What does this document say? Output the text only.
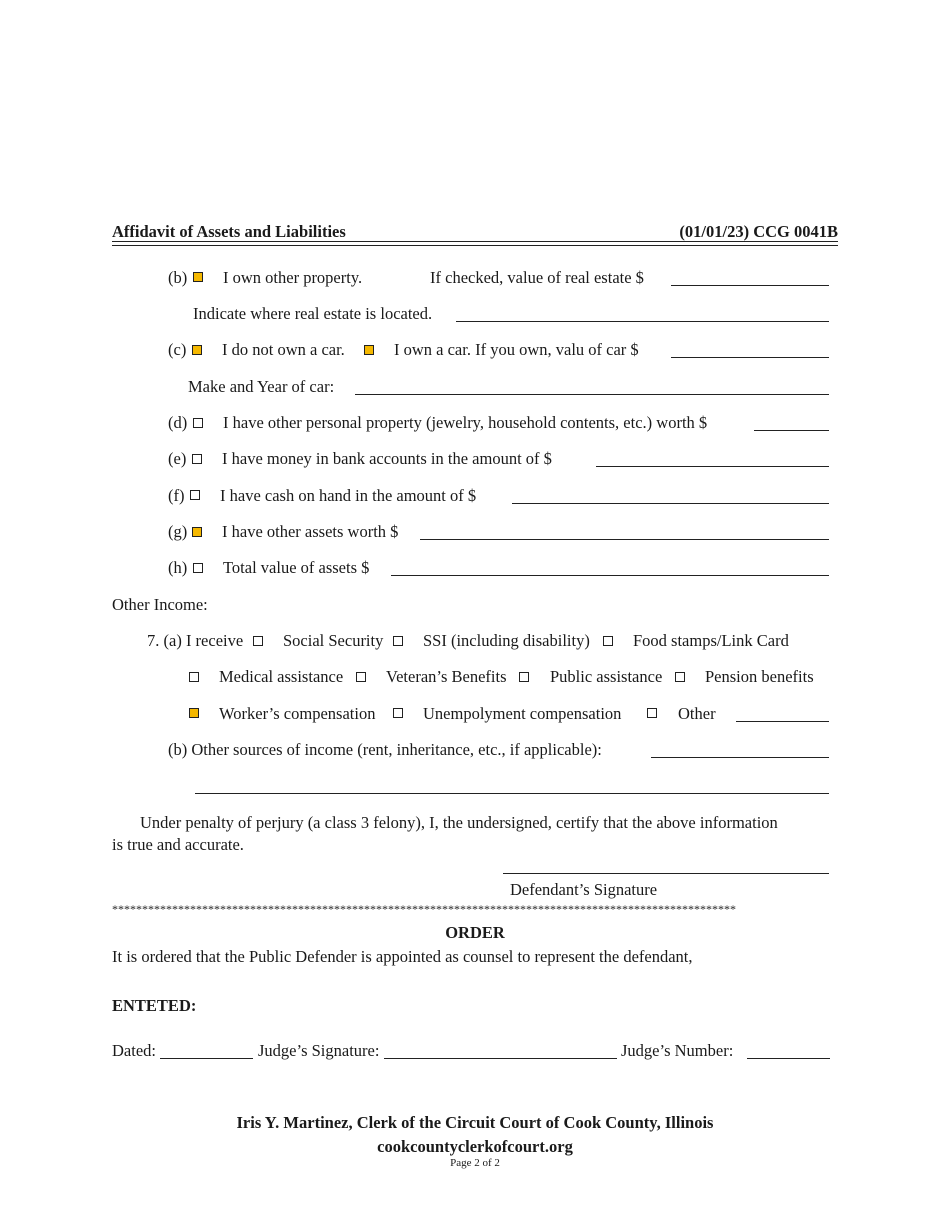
Affidavit of Assets and Liabilities	(01/01/23) CCG 0041B
(b) I own other property.	If checked, value of real estate $
Indicate where real estate is located.
(c) I do not own a car.	I own a car. If you own, valu of car $
Make and Year of car:
(d) I have other personal property (jewelry, household contents, etc.) worth $
(e) I have money in bank accounts in the amount of $
(f) I have cash on hand in the amount of $
(g) I have other assets worth $
(h) Total value of assets $
Other Income:
7. (a) I receive Social Security SSI (including disability)	Food stamps/Link Card
Medical assistance	Veteran’s Benefits	Public assistance	Pension benefits
Worker’s compensation	Unempolyment compensation	Other
(b) Other sources of income (rent, inheritance, etc., if applicable):
Under penalty of perjury (a class 3 felony), I, the undersigned, certify that the above information
is true and accurate.
Defendant’s Signature
********************************************************************************************************
ORDER
It is ordered that the Public Defender is appointed as counsel to represent the defendant,
ENTETED:
Dated:	Judge’s Signature:	Judge’s Number:
Iris Y. Martinez, Clerk of the Circuit Court of Cook County, Illinois
cookcountyclerkofcourt.org
Page 2 of 2
